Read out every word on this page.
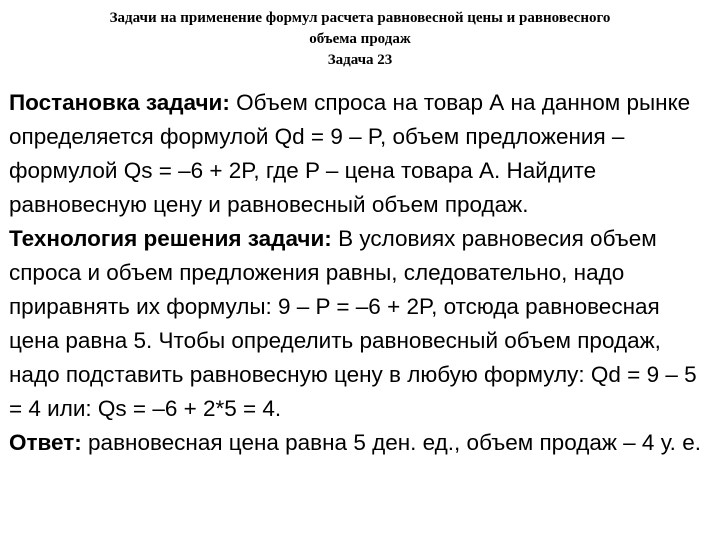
Задачи на применение формул расчета равновесной цены и равновесного
объема продаж
Задача 23

Постановка задачи: Объем спроса на товар А на данном рынке определяется формулой Qd = 9 – P, объем предложения – формулой Qs = –6 + 2P, где P – цена товара А. Найдите равновесную цену и равновесный объем продаж.

Технология решения задачи: В условиях равновесия объем спроса и объем предложения равны, следовательно, надо приравнять их формулы: 9 – P = –6 + 2P, отсюда равновесная цена равна 5. Чтобы определить равновесный объем продаж, надо подставить равновесную цену в любую формулу: Qd = 9 – 5 = 4 или: Qs = –6 + 2*5 = 4.

Ответ: равновесная цена равна 5 ден. ед., объем продаж – 4 у. е.
